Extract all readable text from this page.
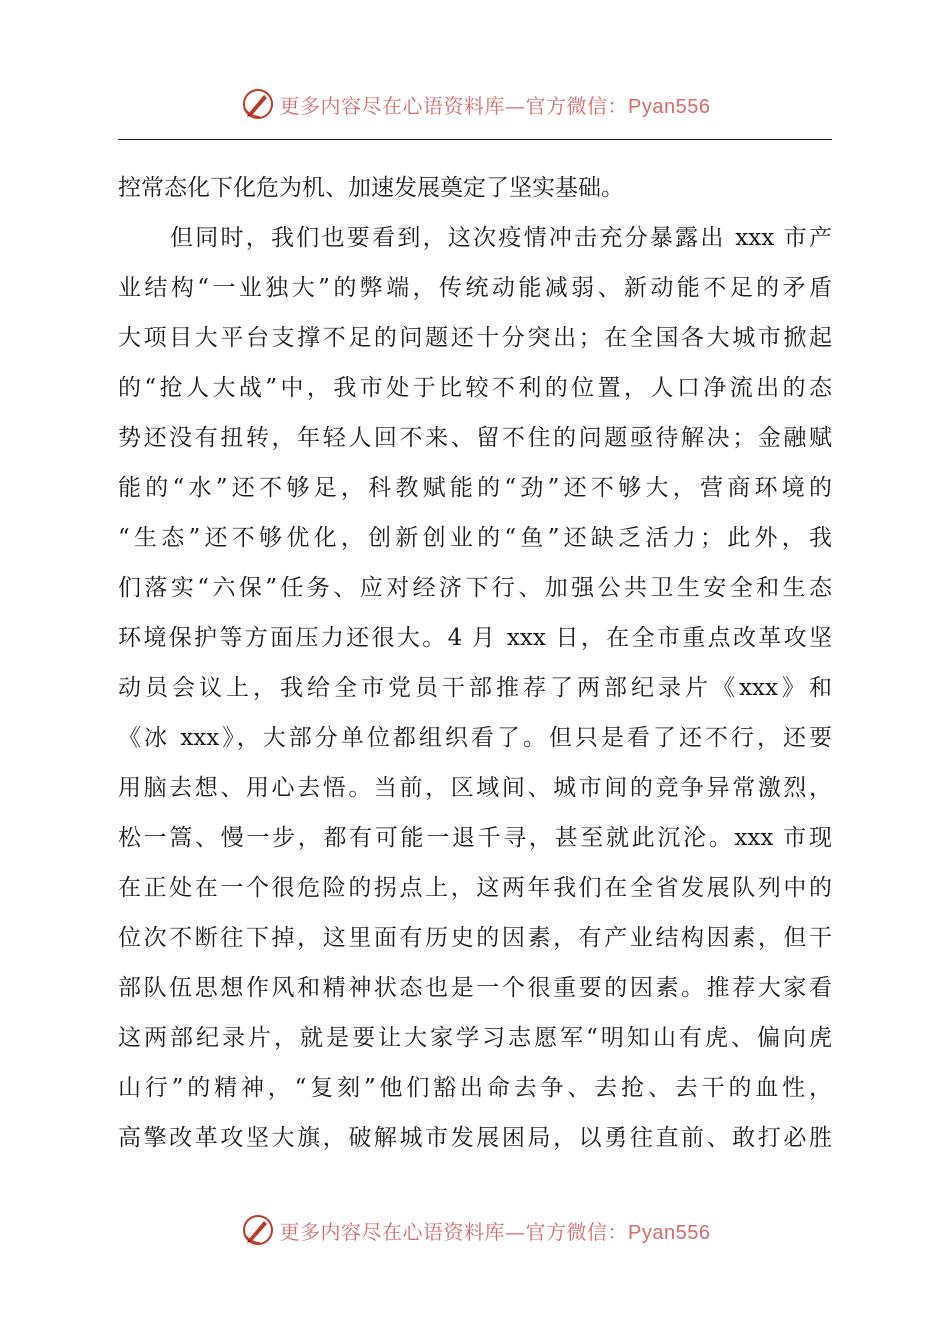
更多内容尽在心语资料库—官方微信：Pyan556
控常态化下化危为机、加速发展奠定了坚实基础。
但同时，我们也要看到，这次疫情冲击充分暴露出 xxx 市产
业结构“一业独大”的弊端，传统动能减弱、新动能不足的矛盾
大项目大平台支撑不足的问题还十分突出；在全国各大城市掀起
的“抢人大战”中，我市处于比较不利的位置，人口净流出的态
势还没有扭转，年轻人回不来、留不住的问题亟待解决；金融赋
能的“水”还不够足，科教赋能的“劲”还不够大，营商环境的
“生态”还不够优化，创新创业的“鱼”还缺乏活力；此外，我
们落实“六保”任务、应对经济下行、加强公共卫生安全和生态
环境保护等方面压力还很大。4 月 xxx 日，在全市重点改革攻坚
动员会议上，我给全市党员干部推荐了两部纪录片《xxx》和
《冰 xxx》，大部分单位都组织看了。但只是看了还不行，还要
用脑去想、用心去悟。当前，区域间、城市间的竞争异常激烈，
松一篙、慢一步，都有可能一退千寻，甚至就此沉沦。xxx 市现
在正处在一个很危险的拐点上，这两年我们在全省发展队列中的
位次不断往下掉，这里面有历史的因素，有产业结构因素，但干
部队伍思想作风和精神状态也是一个很重要的因素。推荐大家看
这两部纪录片，就是要让大家学习志愿军“明知山有虎、偏向虎
山行”的精神，“复刻”他们豁出命去争、去抢、去干的血性，
高擎改革攻坚大旗，破解城市发展困局，以勇往直前、敢打必胜
更多内容尽在心语资料库—官方微信：Pyan556
